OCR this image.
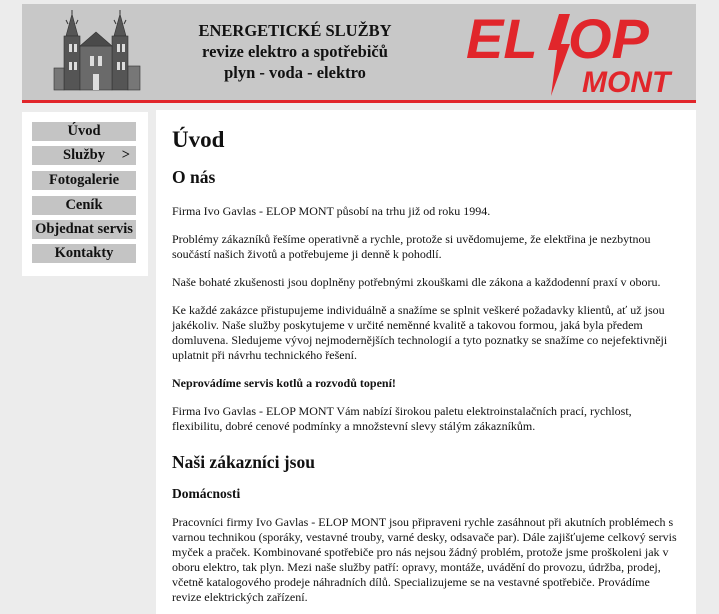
ENERGETICKÉ SLUŽBY
revize elektro a spotřebičů
plyn - voda - elektro
EL OP
MONT
Úvod
Služby >
Fotogalerie
Ceník
Objednat servis
Kontakty
Úvod
O nás

Firma Ivo Gavlas - ELOP MONT působí na trhu již od roku 1994.

Problémy zákazníků řešíme operativně a rychle, protože si uvědomujeme, že elektřina je nezbytnou součástí našich životů a potřebujeme ji denně k pohodlí.

Naše bohaté zkušenosti jsou doplněny potřebnými zkouškami dle zákona a každodenní praxí v oboru.

Ke každé zakázce přistupujeme individuálně a snažíme se splnit veškeré požadavky klientů, ať už jsou jakékoliv. Naše služby poskytujeme v určité neměnné kvalitě a takovou formou, jaká byla předem domluvena. Sledujeme vývoj nejmodernějších technologií a tyto poznatky se snažíme co nejefektivněji uplatnit při návrhu technického řešení.

Neprovádíme servis kotlů a rozvodů topení!

Firma Ivo Gavlas - ELOP MONT Vám nabízí širokou paletu elektroinstalačních prací, rychlost, flexibilitu, dobré cenové podmínky a množstevní slevy stálým zákazníkům.

Naši zákazníci jsou
Domácnosti

Pracovníci firmy Ivo Gavlas - ELOP MONT jsou připraveni rychle zasáhnout při akutních problémech s varnou technikou (sporáky, vestavné trouby, varné desky, odsavače par). Dále zajišťujeme celkový servis myček a praček. Kombinované spotřebiče pro nás nejsou žádný problém, protože jsme proškoleni jak v oboru elektro, tak plyn. Mezi naše služby patří: opravy, montáže, uvádění do provozu, údržba, prodej, včetně katalogového prodeje náhradních dílů. Specializujeme se na vestavné spotřebiče. Provádíme revize elektrických zařízení.
